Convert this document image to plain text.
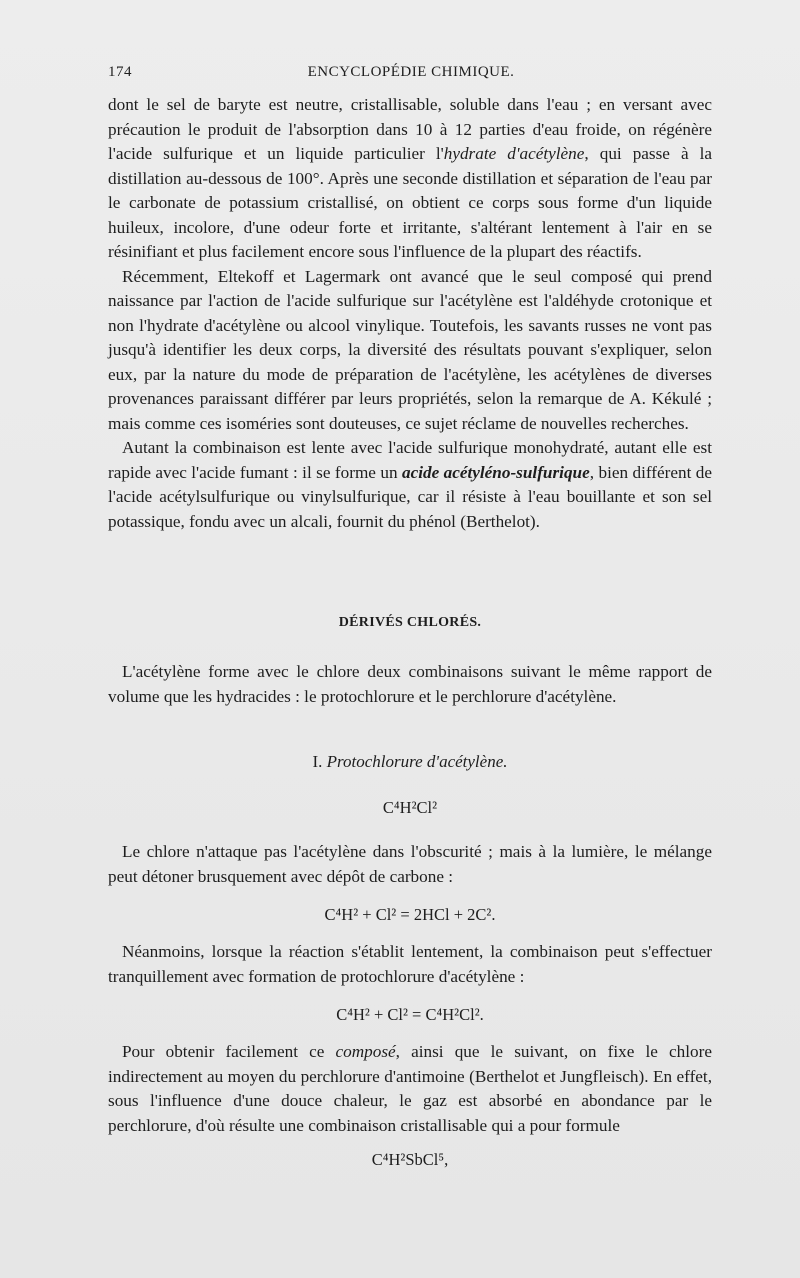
174	ENCYCLOPÉDIE CHIMIQUE.

dont le sel de baryte est neutre, cristallisable, soluble dans l'eau ; en versant avec précaution le produit de l'absorption dans 10 à 12 parties d'eau froide, on régénère l'acide sulfurique et un liquide particulier l'hydrate d'acétylène, qui passe à la distillation au-dessous de 100°. Après une seconde distillation et séparation de l'eau par le carbonate de potassium cristallisé, on obtient ce corps sous forme d'un liquide huileux, incolore, d'une odeur forte et irritante, s'altérant lentement à l'air en se résinifiant et plus facilement encore sous l'influence de la plupart des réactifs.

Récemment, Eltekoff et Lagermark ont avancé que le seul composé qui prend naissance par l'action de l'acide sulfurique sur l'acétylène est l'aldéhyde crotonique et non l'hydrate d'acétylène ou alcool vinylique. Toutefois, les savants russes ne vont pas jusqu'à identifier les deux corps, la diversité des résultats pouvant s'expliquer, selon eux, par la nature du mode de préparation de l'acétylène, les acétylènes de diverses provenances paraissant différer par leurs propriétés, selon la remarque de A. Kékulé ; mais comme ces isoméries sont douteuses, ce sujet réclame de nouvelles recherches.

Autant la combinaison est lente avec l'acide sulfurique monohydraté, autant elle est rapide avec l'acide fumant : il se forme un acide acétyléno-sulfurique, bien différent de l'acide acétylsulfurique ou vinylsulfurique, car il résiste à l'eau bouillante et son sel potassique, fondu avec un alcali, fournit du phénol (Berthelot).

DÉRIVÉS CHLORÉS.

L'acétylène forme avec le chlore deux combinaisons suivant le même rapport de volume que les hydracides : le protochlorure et le perchlorure d'acétylène.

I. Protochlorure d'acétylène.
C⁴H²Cl²

Le chlore n'attaque pas l'acétylène dans l'obscurité ; mais à la lumière, le mélange peut détoner brusquement avec dépôt de carbone :

C⁴H² + Cl² = 2HCl + 2C².

Néanmoins, lorsque la réaction s'établit lentement, la combinaison peut s'effectuer tranquillement avec formation de protochlorure d'acétylène :

C⁴H² + Cl² = C⁴H²Cl².

Pour obtenir facilement ce composé, ainsi que le suivant, on fixe le chlore indirectement au moyen du perchlorure d'antimoine (Berthelot et Jungfleisch). En effet, sous l'influence d'une douce chaleur, le gaz est absorbé en abondance par le perchlorure, d'où résulte une combinaison cristallisable qui a pour formule

C⁴H²SbCl⁵,
